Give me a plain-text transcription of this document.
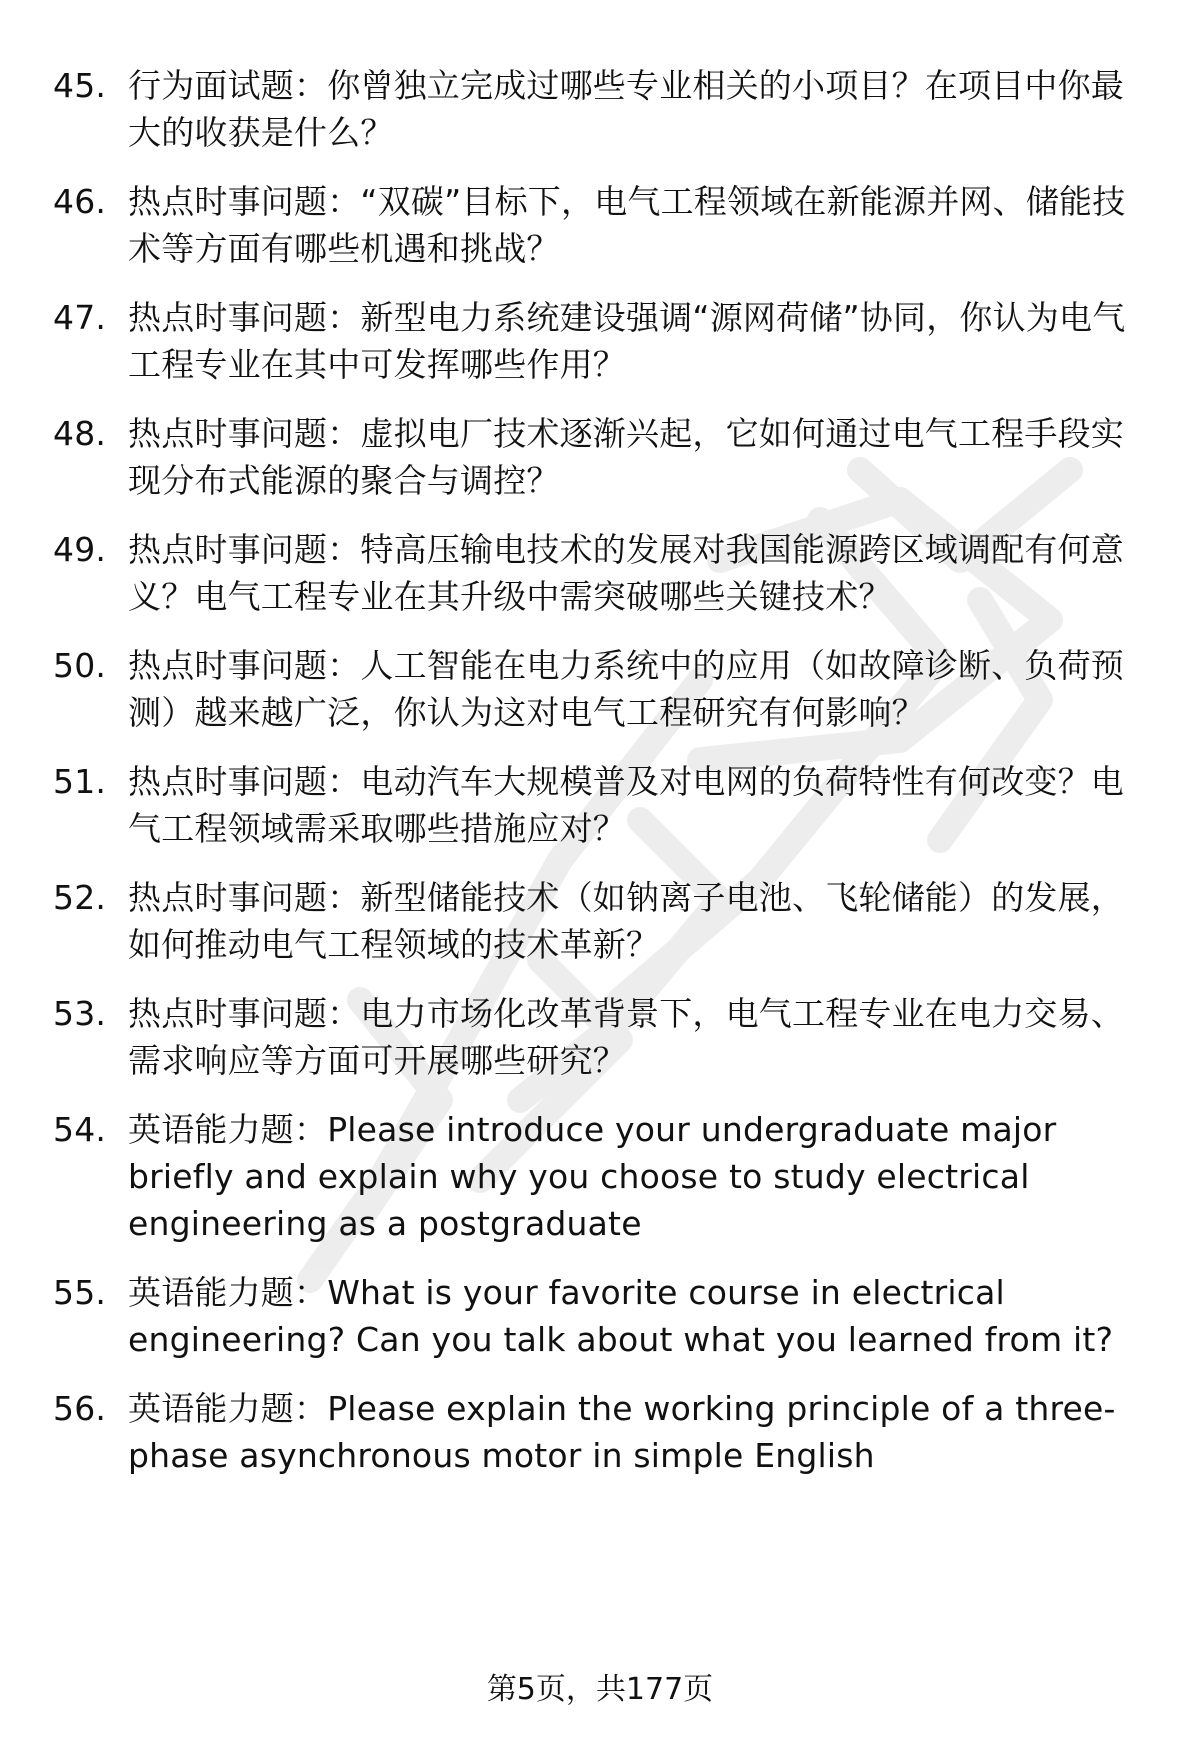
45. 行为面试题：你曾独立完成过哪些专业相关的小项目？在项目中你最大的收获是什么？
46. 热点时事问题：“双碳”目标下，电气工程领域在新能源并网、储能技术等方面有哪些机遇和挑战？
47. 热点时事问题：新型电力系统建设强调“源网荷储”协同，你认为电气工程专业在其中可发挥哪些作用？
48. 热点时事问题：虚拟电厂技术逐渐兴起，它如何通过电气工程手段实现分布式能源的聚合与调控？
49. 热点时事问题：特高压输电技术的发展对我国能源跨区域调配有何意义？电气工程专业在其升级中需突破哪些关键技术？
50. 热点时事问题：人工智能在电力系统中的应用（如故障诊断、负荷预测）越来越广泛，你认为这对电气工程研究有何影响？
51. 热点时事问题：电动汽车大规模普及对电网的负荷特性有何改变？电气工程领域需采取哪些措施应对？
52. 热点时事问题：新型储能技术（如钠离子电池、飞轮储能）的发展，如何推动电气工程领域的技术革新？
53. 热点时事问题：电力市场化改革背景下，电气工程专业在电力交易、需求响应等方面可开展哪些研究？
54. 英语能力题：Please introduce your undergraduate major briefly and explain why you choose to study electrical engineering as a postgraduate
55. 英语能力题：What is your favorite course in electrical engineering? Can you talk about what you learned from it?
56. 英语能力题：Please explain the working principle of a three-phase asynchronous motor in simple English
第5页，共177页
